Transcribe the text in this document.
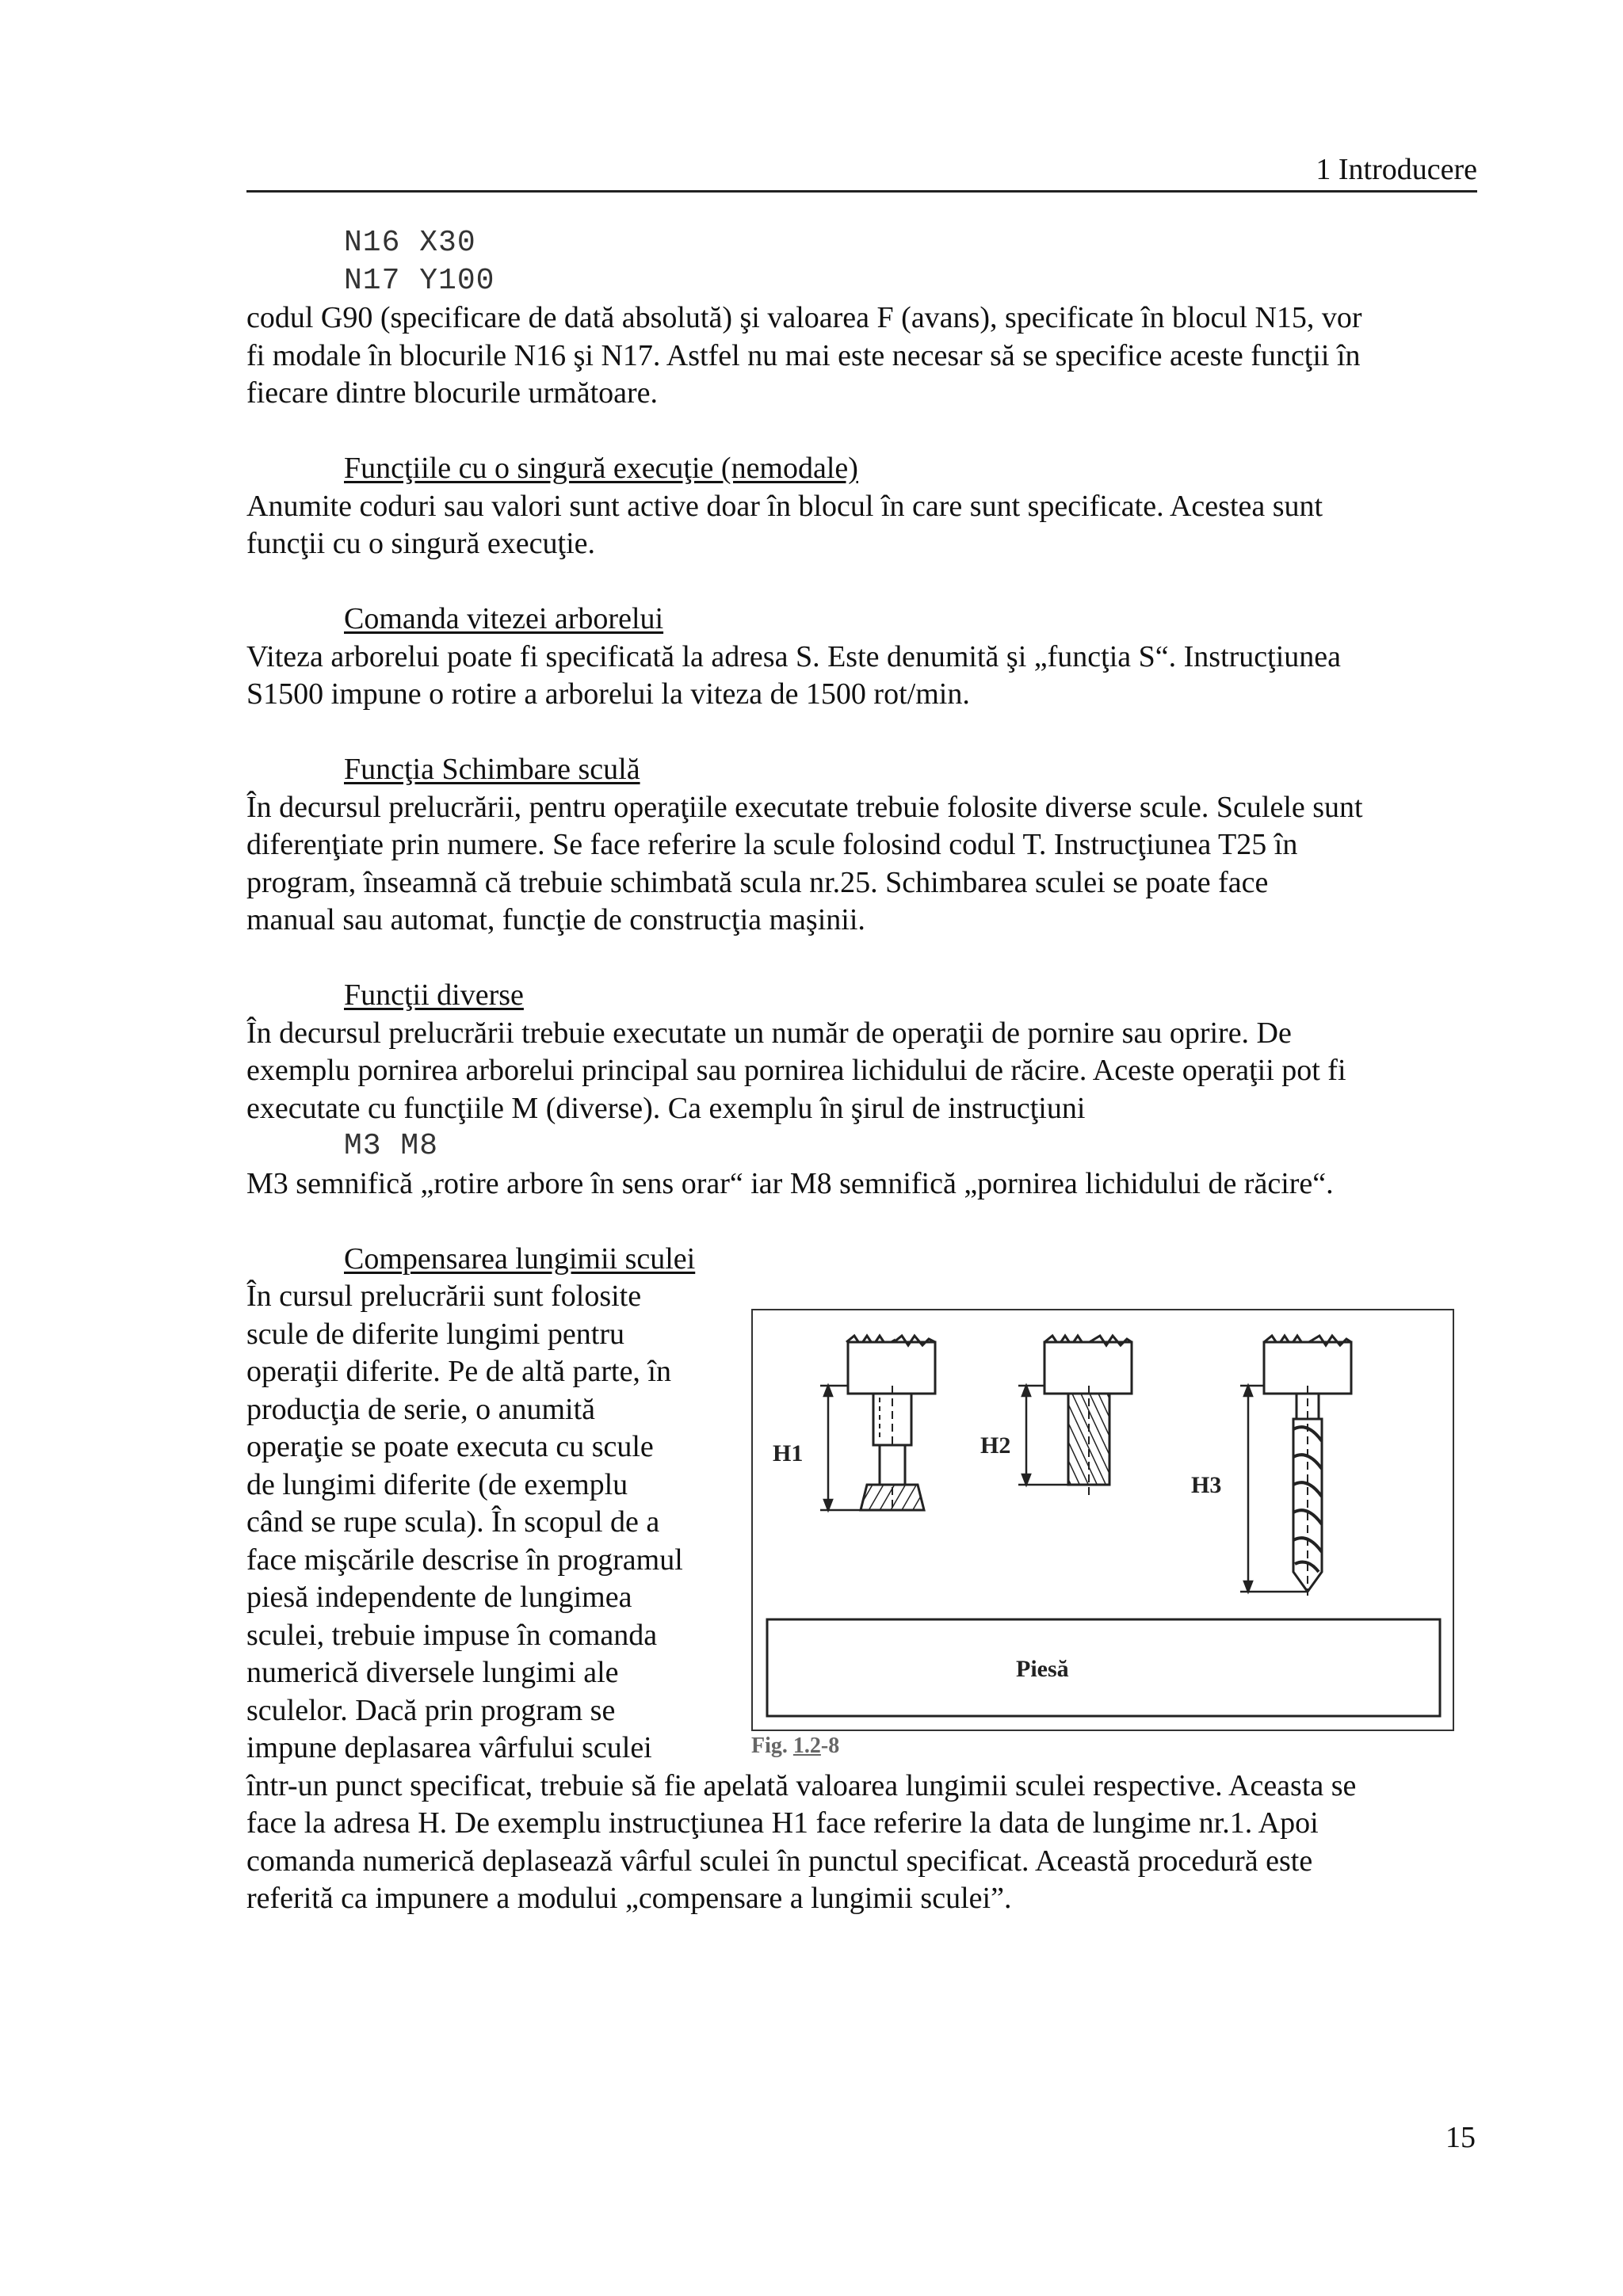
1 Introducere
N16 X30
N17 Y100

codul G90 (specificare de dată absolută) şi valoarea F (avans), specificate în blocul N15, vor

fi modale în blocurile N16 şi N17. Astfel nu mai este necesar să se specifice aceste funcţii în

fiecare dintre blocurile următoare.

Funcţiile cu o singură execuţie (nemodale)

Anumite coduri sau valori sunt active doar în blocul în care sunt specificate. Acestea sunt

funcţii cu o singură execuţie.

Comanda vitezei arborelui

Viteza arborelui poate fi specificată la adresa S. Este denumită şi „funcţia S“. Instrucţiunea

S1500 impune o rotire a arborelui la viteza de 1500 rot/min.

Funcţia Schimbare sculă

În decursul prelucrării, pentru operaţiile executate trebuie folosite diverse scule. Sculele sunt

diferenţiate prin numere. Se face referire la scule folosind codul T. Instrucţiunea T25 în

program, înseamnă că trebuie schimbată scula nr.25. Schimbarea sculei se poate face

manual sau automat, funcţie de construcţia maşinii.

Funcţii diverse

În decursul prelucrării trebuie executate un număr de operaţii de pornire sau oprire. De

exemplu pornirea arborelui principal sau pornirea lichidului de răcire. Aceste operaţii pot fi

executate cu funcţiile M (diverse). Ca exemplu în şirul de instrucţiuni

M3 M8

M3 semnifică „rotire arbore în sens orar“ iar M8 semnifică „pornirea lichidului de răcire“.

Compensarea lungimii sculei

În cursul prelucrării sunt folosite

scule de diferite lungimi pentru

operaţii diferite. Pe de altă parte, în

producţia de serie, o anumită

operaţie se poate executa cu scule

de lungimi diferite (de exemplu

când se rupe scula). În scopul de a

face mişcările descrise în programul

piesă independente de lungimea

sculei, trebuie impuse în comanda

numerică diversele lungimi ale

sculelor. Dacă prin program se

impune deplasarea vârfului sculei

într-un punct specificat, trebuie să fie apelată valoarea lungimii sculei respective. Aceasta se

face la adresa H. De exemplu instrucţiunea H1 face referire la data de lungime nr.1. Apoi

comanda numerică deplasează vârful sculei în punctul specificat. Această procedură este

referită ca impunere a modului „compensare a lungimii sculei”.

H1	H2
H3
Piesă
Fig. 1.2-8
15
